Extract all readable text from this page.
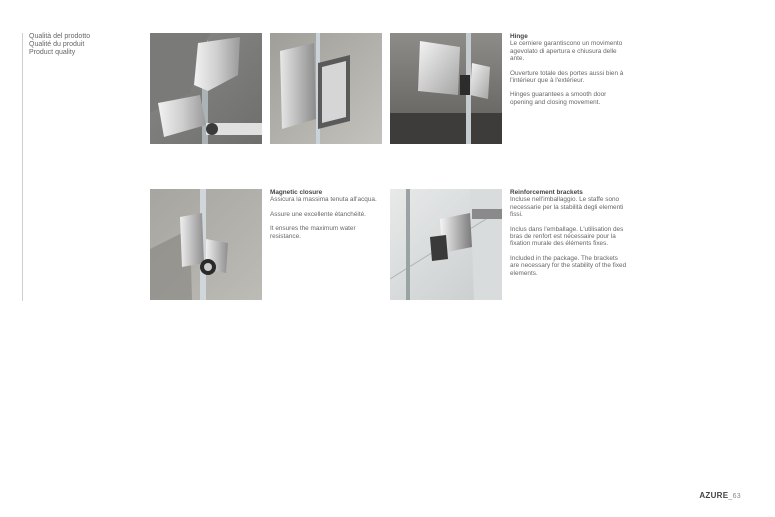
Qualità del prodotto
Qualité du produit
Product quality
Hinge

Le cerniere garantiscono un movimento agevolato di apertura e chiusura delle ante.

Ouverture totale des portes aussi bien à l'intérieur que à l'extérieur.

Hinges guarantees a smooth door opening and closing movement.

Magnetic closure

Assicura la massima tenuta all'acqua.

Assure une excellente étanchéité.

It ensures the maximum water resistance.

Reinforcement brackets

Incluse nell'imballaggio. Le staffe sono necessarie per la stabilità degli elementi fissi.

Inclus dans l'emballage. L'utilisation des bras de renfort est nécessaire pour la fixation murale des éléments fixes.

Included in the package. The brackets are necessary for the stability of the fixed elements.

AZURE_63
